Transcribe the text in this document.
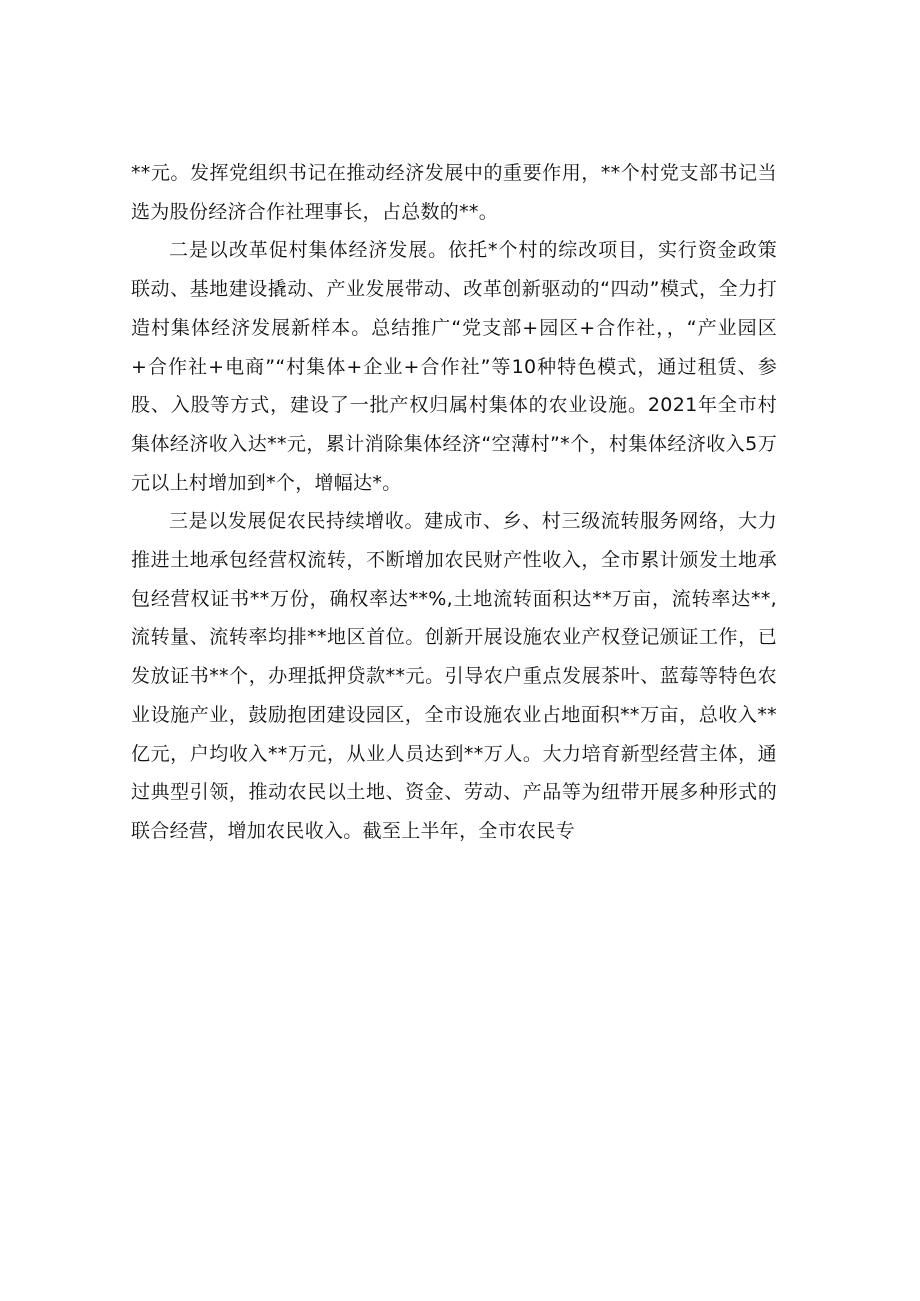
**元。发挥党组织书记在推动经济发展中的重要作用，**个村党支部书记当选为股份经济合作社理事长，占总数的**。

二是以改革促村集体经济发展。依托*个村的综改项目，实行资金政策联动、基地建设撬动、产业发展带动、改革创新驱动的“四动”模式，全力打造村集体经济发展新样本。总结推广“党支部+园区+合作社，，“产业园区+合作社+电商”“村集体+企业+合作社”等10种特色模式，通过租赁、参股、入股等方式，建设了一批产权归属村集体的农业设施。2021年全市村集体经济收入达**元，累计消除集体经济“空薄村”*个，村集体经济收入5万元以上村增加到*个，增幅达*。

三是以发展促农民持续增收。建成市、乡、村三级流转服务网络，大力推进土地承包经营权流转，不断增加农民财产性收入，全市累计颁发土地承包经营权证书**万份，确权率达**%,土地流转面积达**万亩，流转率达**,流转量、流转率均排**地区首位。创新开展设施农业产权登记颁证工作，已发放证书**个，办理抵押贷款**元。引导农户重点发展茶叶、蓝莓等特色农业设施产业，鼓励抱团建设园区，全市设施农业占地面积**万亩，总收入**亿元，户均收入**万元，从业人员达到**万人。大力培育新型经营主体，通过典型引领，推动农民以土地、资金、劳动、产品等为纽带开展多种形式的联合经营，增加农民收入。截至上半年，全市农民专
